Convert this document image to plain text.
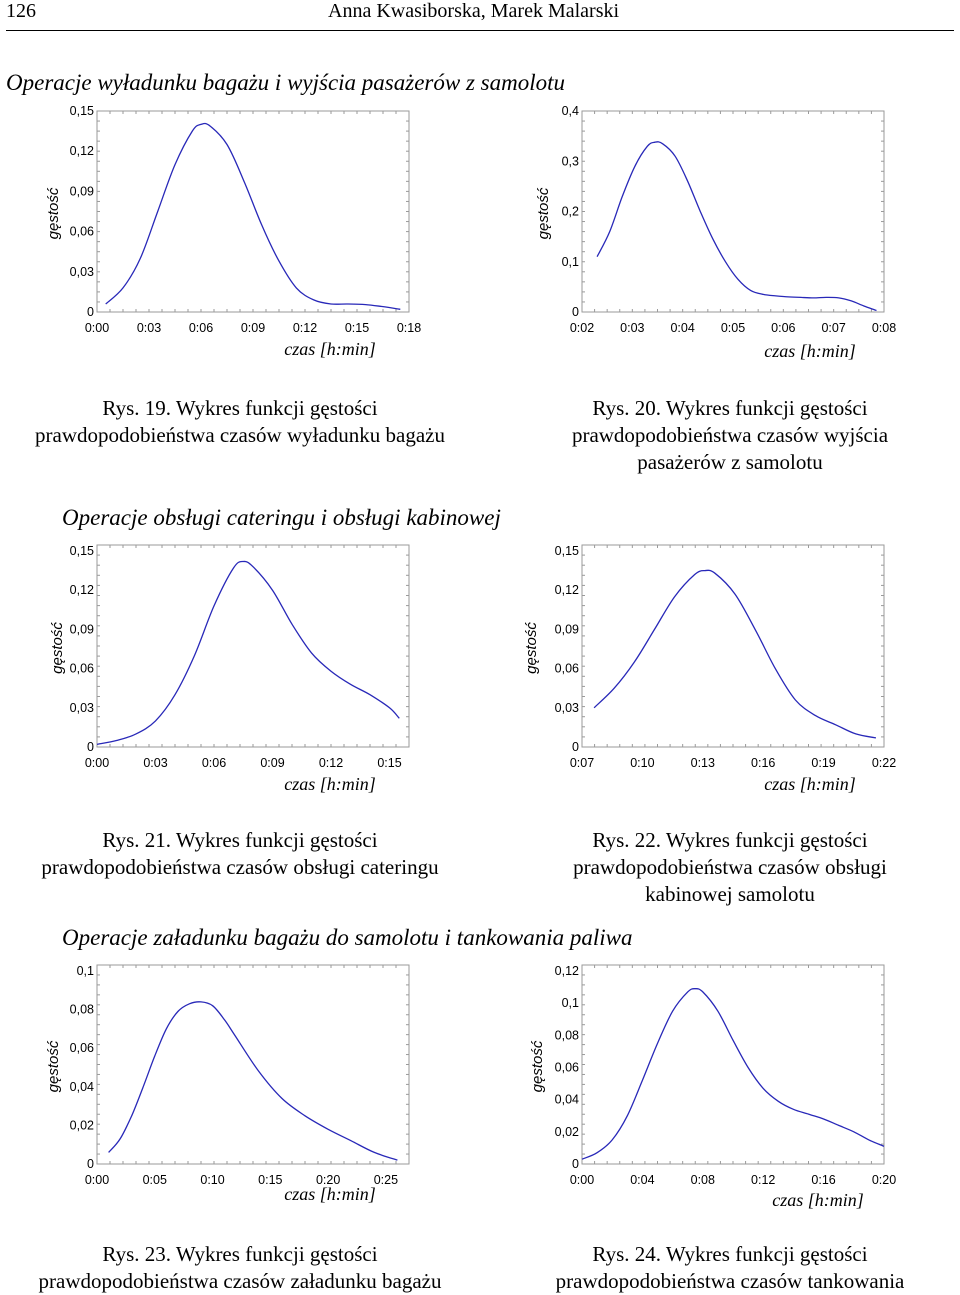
126	Anna Kwasiborska, Marek Malarski
Operacje wyładunku bagażu i wyjścia pasażerów z samolotu
Operacje obsługi cateringu i obsługi kabinowej
Operacje załadunku bagażu do samolotu i tankowania paliwa
Rys. 19. Wykres funkcji gęstości
prawdopodobieństwa czasów wyładunku bagażu
Rys. 20. Wykres funkcji gęstości
prawdopodobieństwa czasów wyjścia
pasażerów z samolotu
Rys. 21. Wykres funkcji gęstości
prawdopodobieństwa czasów obsługi cateringu
Rys. 22. Wykres funkcji gęstości
prawdopodobieństwa czasów obsługi
kabinowej samolotu
Rys. 23. Wykres funkcji gęstości
prawdopodobieństwa czasów załadunku bagażu
Rys. 24. Wykres funkcji gęstości
prawdopodobieństwa czasów tankowania
0
0,03
0,06
0,09
0,12
0,15
0:00 0:03 0:06 0:09 0:12 0:15 0:18
gęstość
czas [h:min]
0
0,1
0,2
0,3
0,4
0:02 0:03 0:04 0:05 0:06 0:07 0:08
gęstość
czas [h:min]
0
0,03
0,06
0,09
0,12
0,15
0:00	0:03	0:06	0:09	0:12	0:15
gęstość
czas [h:min]
0
0,03
0,06
0,09
0,12
0,15
0:07	0:10	0:13	0:16	0:19	0:22
gęstość
czas [h:min]
0
0,02
0,04
0,06
0,08
0,1
0:00	0:05	0:10	0:15	0:20	0:25
gęstość
czas [h:min]
0
0,02
0,04
0,06
0,08
0,1
0,12
0:00	0:04	0:08	0:12	0:16	0:20
gęstość
czas [h:min]
